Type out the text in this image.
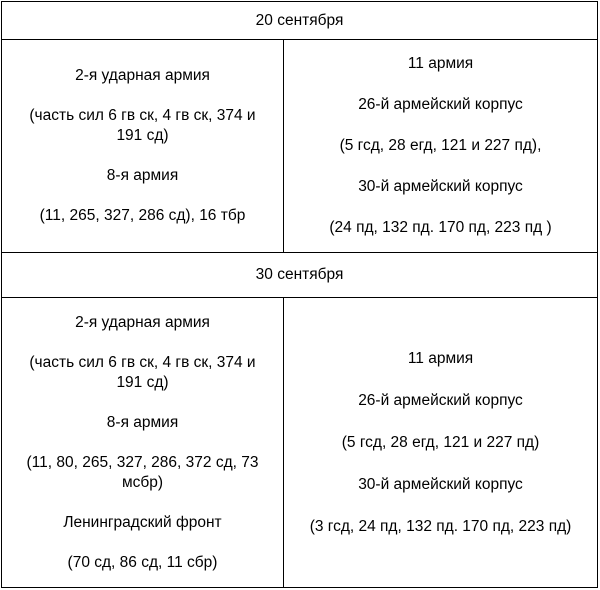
20 сентября

2-я ударная армия

(часть сил 6 гв ск, 4 гв ск, 374 и 191 сд)

8-я армия

(11, 265, 327, 286 сд), 16 тбр

11 армия

26-й армейский корпус

(5 гсд, 28 егд, 121 и 227 пд),

30-й армейский корпус

(24 пд, 132 пд. 170 пд, 223 пд )

30 сентября

2-я ударная армия

(часть сил 6 гв ск, 4 гв ск, 374 и 191 сд)

8-я армия

(11, 80, 265, 327, 286, 372 сд, 73 мсбр)

Ленинградский фронт

(70 сд, 86 сд, 11 сбр)

11 армия

26-й армейский корпус

(5 гсд, 28 егд, 121 и 227 пд)

30-й армейский корпус

(3 гсд, 24 пд, 132 пд. 170 пд, 223 пд)
